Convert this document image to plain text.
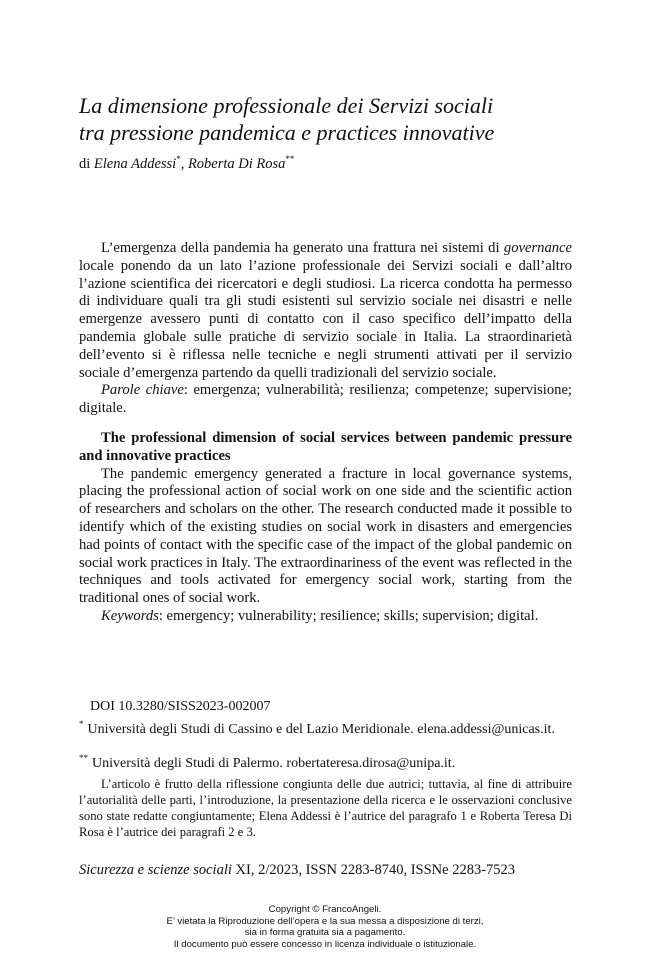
La dimensione professionale dei Servizi sociali
tra pressione pandemica e practices innovative
di Elena Addessi*, Roberta Di Rosa**

L’emergenza della pandemia ha generato una frattura nei sistemi di governance locale ponendo da un lato l’azione professionale dei Servizi sociali e dall’altro l’azione scientifica dei ricercatori e degli studiosi. La ricerca condotta ha permesso di individuare quali tra gli studi esistenti sul servizio sociale nei disastri e nelle emergenze avessero punti di contatto con il caso specifico dell’impatto della pandemia globale sulle pratiche di servizio sociale in Italia. La straordinarietà dell’evento si è riflessa nelle tecniche e negli strumenti attivati per il servizio sociale d’emergenza partendo da quelli tradizionali del servizio sociale.

Parole chiave: emergenza; vulnerabilità; resilienza; competenze; supervisione; digitale.

The professional dimension of social services between pandemic pressure and innovative practices

The pandemic emergency generated a fracture in local governance systems, placing the professional action of social work on one side and the scientific action of researchers and scholars on the other. The research conducted made it possible to identify which of the existing studies on social work in disasters and emergencies had points of contact with the specific case of the impact of the global pandemic on social work practices in Italy. The extraordinariness of the event was reflected in the techniques and tools activated for emergency social work, starting from the traditional ones of social work.

Keywords: emergency; vulnerability; resilience; skills; supervision; digital.

DOI 10.3280/SISS2023-002007
* Università degli Studi di Cassino e del Lazio Meridionale. elena.addessi@unicas.it.
** Università degli Studi di Palermo. robertateresa.dirosa@unipa.it.
L’articolo è frutto della riflessione congiunta delle due autrici; tuttavia, al fine di attribuire l’autorialità delle parti, l’introduzione, la presentazione della ricerca e le osservazioni conclusive sono state redatte congiuntamente; Elena Addessi è l’autrice del paragrafo 1 e Roberta Teresa Di Rosa è l’autrice dei paragrafi 2 e 3.
Sicurezza e scienze sociali XI, 2/2023, ISSN 2283-8740, ISSNe 2283-7523
Copyright © FrancoAngeli.
E’ vietata la Riproduzione dell’opera e la sua messa a disposizione di terzi,
sia in forma gratuita sia a pagamento.
Il documento può essere concesso in licenza individuale o istituzionale.
